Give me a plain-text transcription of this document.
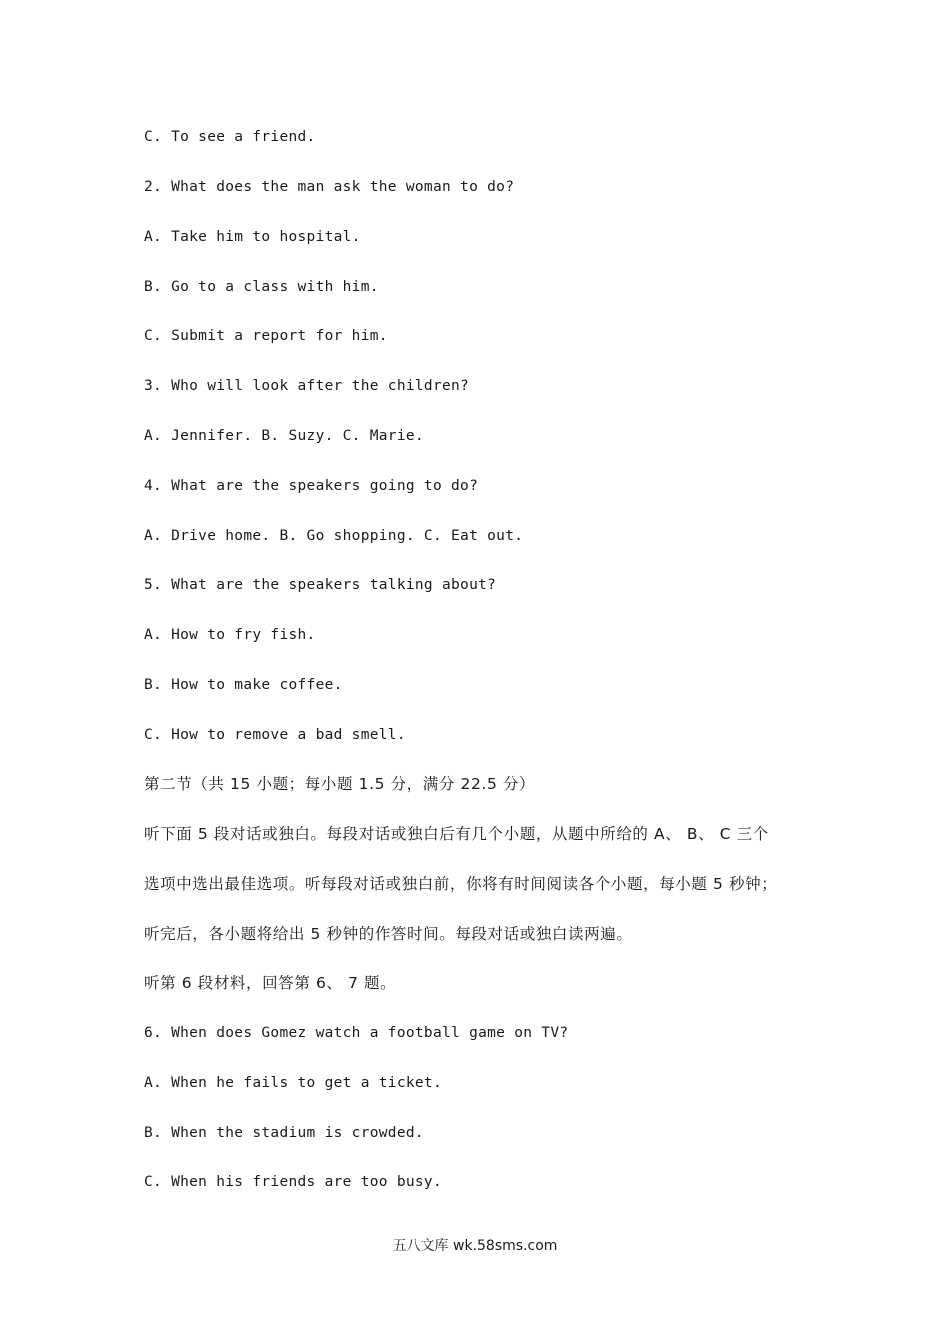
C. To see a friend.
2. What does the man ask the woman to do?
A. Take him to hospital.
B. Go to a class with him.
C. Submit a report for him.
3. Who will look after the children?
A. Jennifer. B. Suzy. C. Marie.
4. What are the speakers going to do?
A. Drive home. B. Go shopping. C. Eat out.
5. What are the speakers talking about?
A. How to fry fish.
B. How to make coffee.
C. How to remove a bad smell.
第二节（共 15 小题；每小题 1.5 分，满分 22.5 分）
听下面 5 段对话或独白。每段对话或独白后有几个小题，从题中所给的 A、 B、 C 三个
选项中选出最佳选项。听每段对话或独白前，你将有时间阅读各个小题，每小题 5 秒钟；
听完后，各小题将给出 5 秒钟的作答时间。每段对话或独白读两遍。
听第 6 段材料，回答第 6、 7 题。
6. When does Gomez watch a football game on TV?
A. When he fails to get a ticket.
B. When the stadium is crowded.
C. When his friends are too busy.
五八文库 wk.58sms.com
